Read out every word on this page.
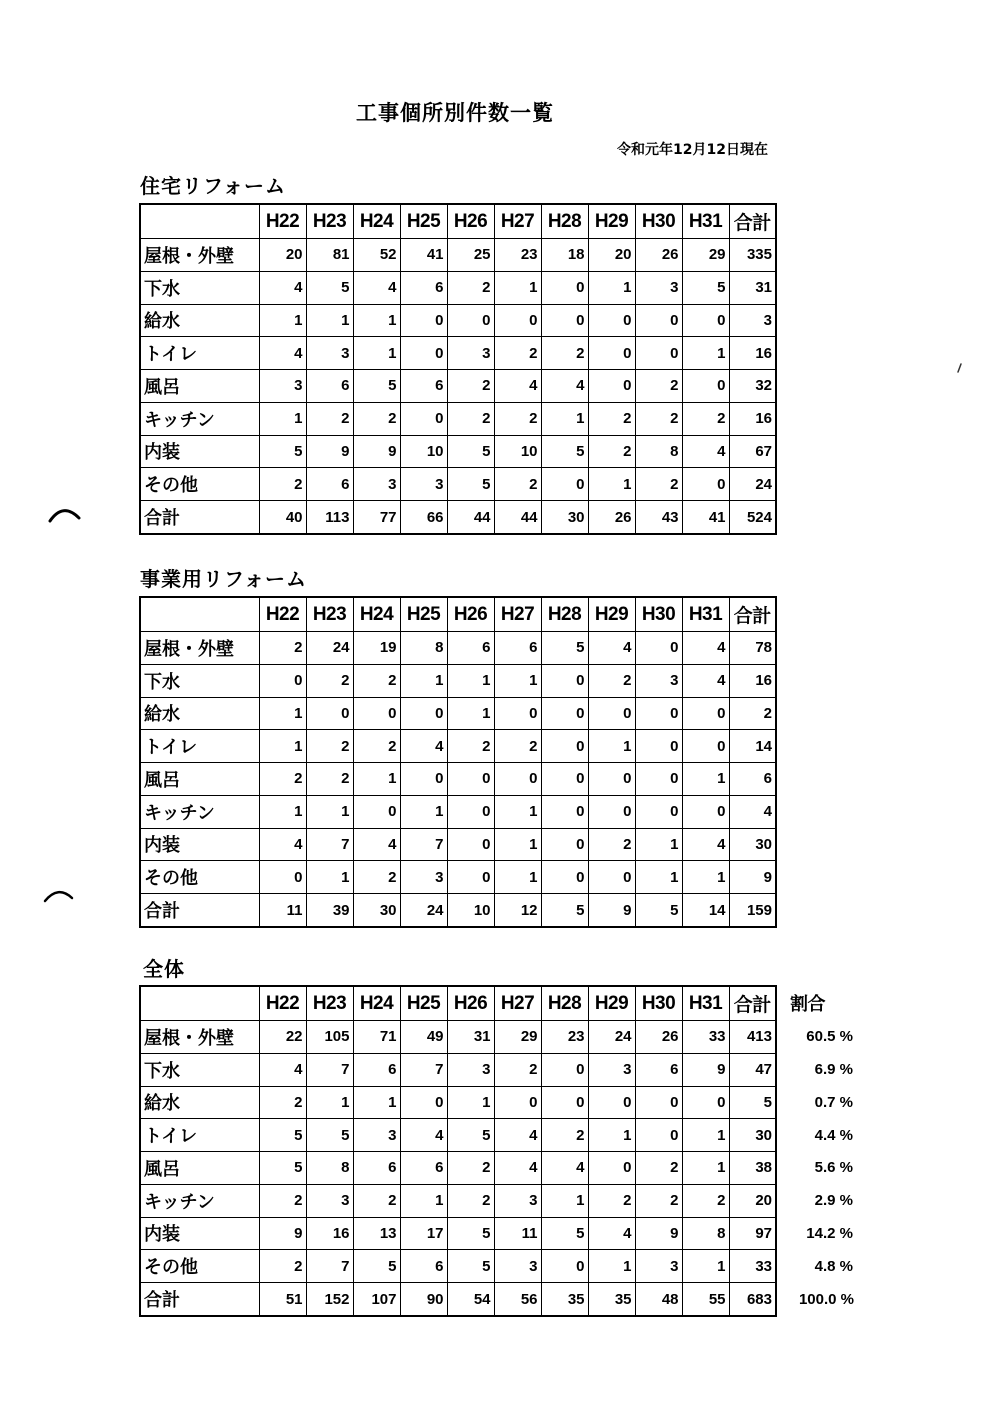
工事個所別件数一覧
令和元年12月12日現在
住宅リフォーム
	H22	H23	H24	H25	H26	H27	H28	H29	H30	H31	合計
屋根・外壁	20	81	52	41	25	23	18	20	26	29	335
下水	4	5	4	6	2	1	0	1	3	5	31
給水	1	1	1	0	0	0	0	0	0	0	3
トイレ	4	3	1	0	3	2	2	0	0	1	16
風呂	3	6	5	6	2	4	4	0	2	0	32
キッチン	1	2	2	0	2	2	1	2	2	2	16
内装	5	9	9	10	5	10	5	2	8	4	67
その他	2	6	3	3	5	2	0	1	2	0	24
合計	40	113	77	66	44	44	30	26	43	41	524
事業用リフォーム
	H22	H23	H24	H25	H26	H27	H28	H29	H30	H31	合計
屋根・外壁	2	24	19	8	6	6	5	4	0	4	78
下水	0	2	2	1	1	1	0	2	3	4	16
給水	1	0	0	0	1	0	0	0	0	0	2
トイレ	1	2	2	4	2	2	0	1	0	0	14
風呂	2	2	1	0	0	0	0	0	0	1	6
キッチン	1	1	0	1	0	1	0	0	0	0	4
内装	4	7	4	7	0	1	0	2	1	4	30
その他	0	1	2	3	0	1	0	0	1	1	9
合計	11	39	30	24	10	12	5	9	5	14	159
全体
	H22	H23	H24	H25	H26	H27	H28	H29	H30	H31	合計	割合
屋根・外壁	22	105	71	49	31	29	23	24	26	33	413	60.5 %
下水	4	7	6	7	3	2	0	3	6	9	47	6.9 %
給水	2	1	1	0	1	0	0	0	0	0	5	0.7 %
トイレ	5	5	3	4	5	4	2	1	0	1	30	4.4 %
風呂	5	8	6	6	2	4	4	0	2	1	38	5.6 %
キッチン	2	3	2	1	2	3	1	2	2	2	20	2.9 %
内装	9	16	13	17	5	11	5	4	9	8	97	14.2 %
その他	2	7	5	6	5	3	0	1	3	1	33	4.8 %
合計	51	152	107	90	54	56	35	35	48	55	683	100.0 %
